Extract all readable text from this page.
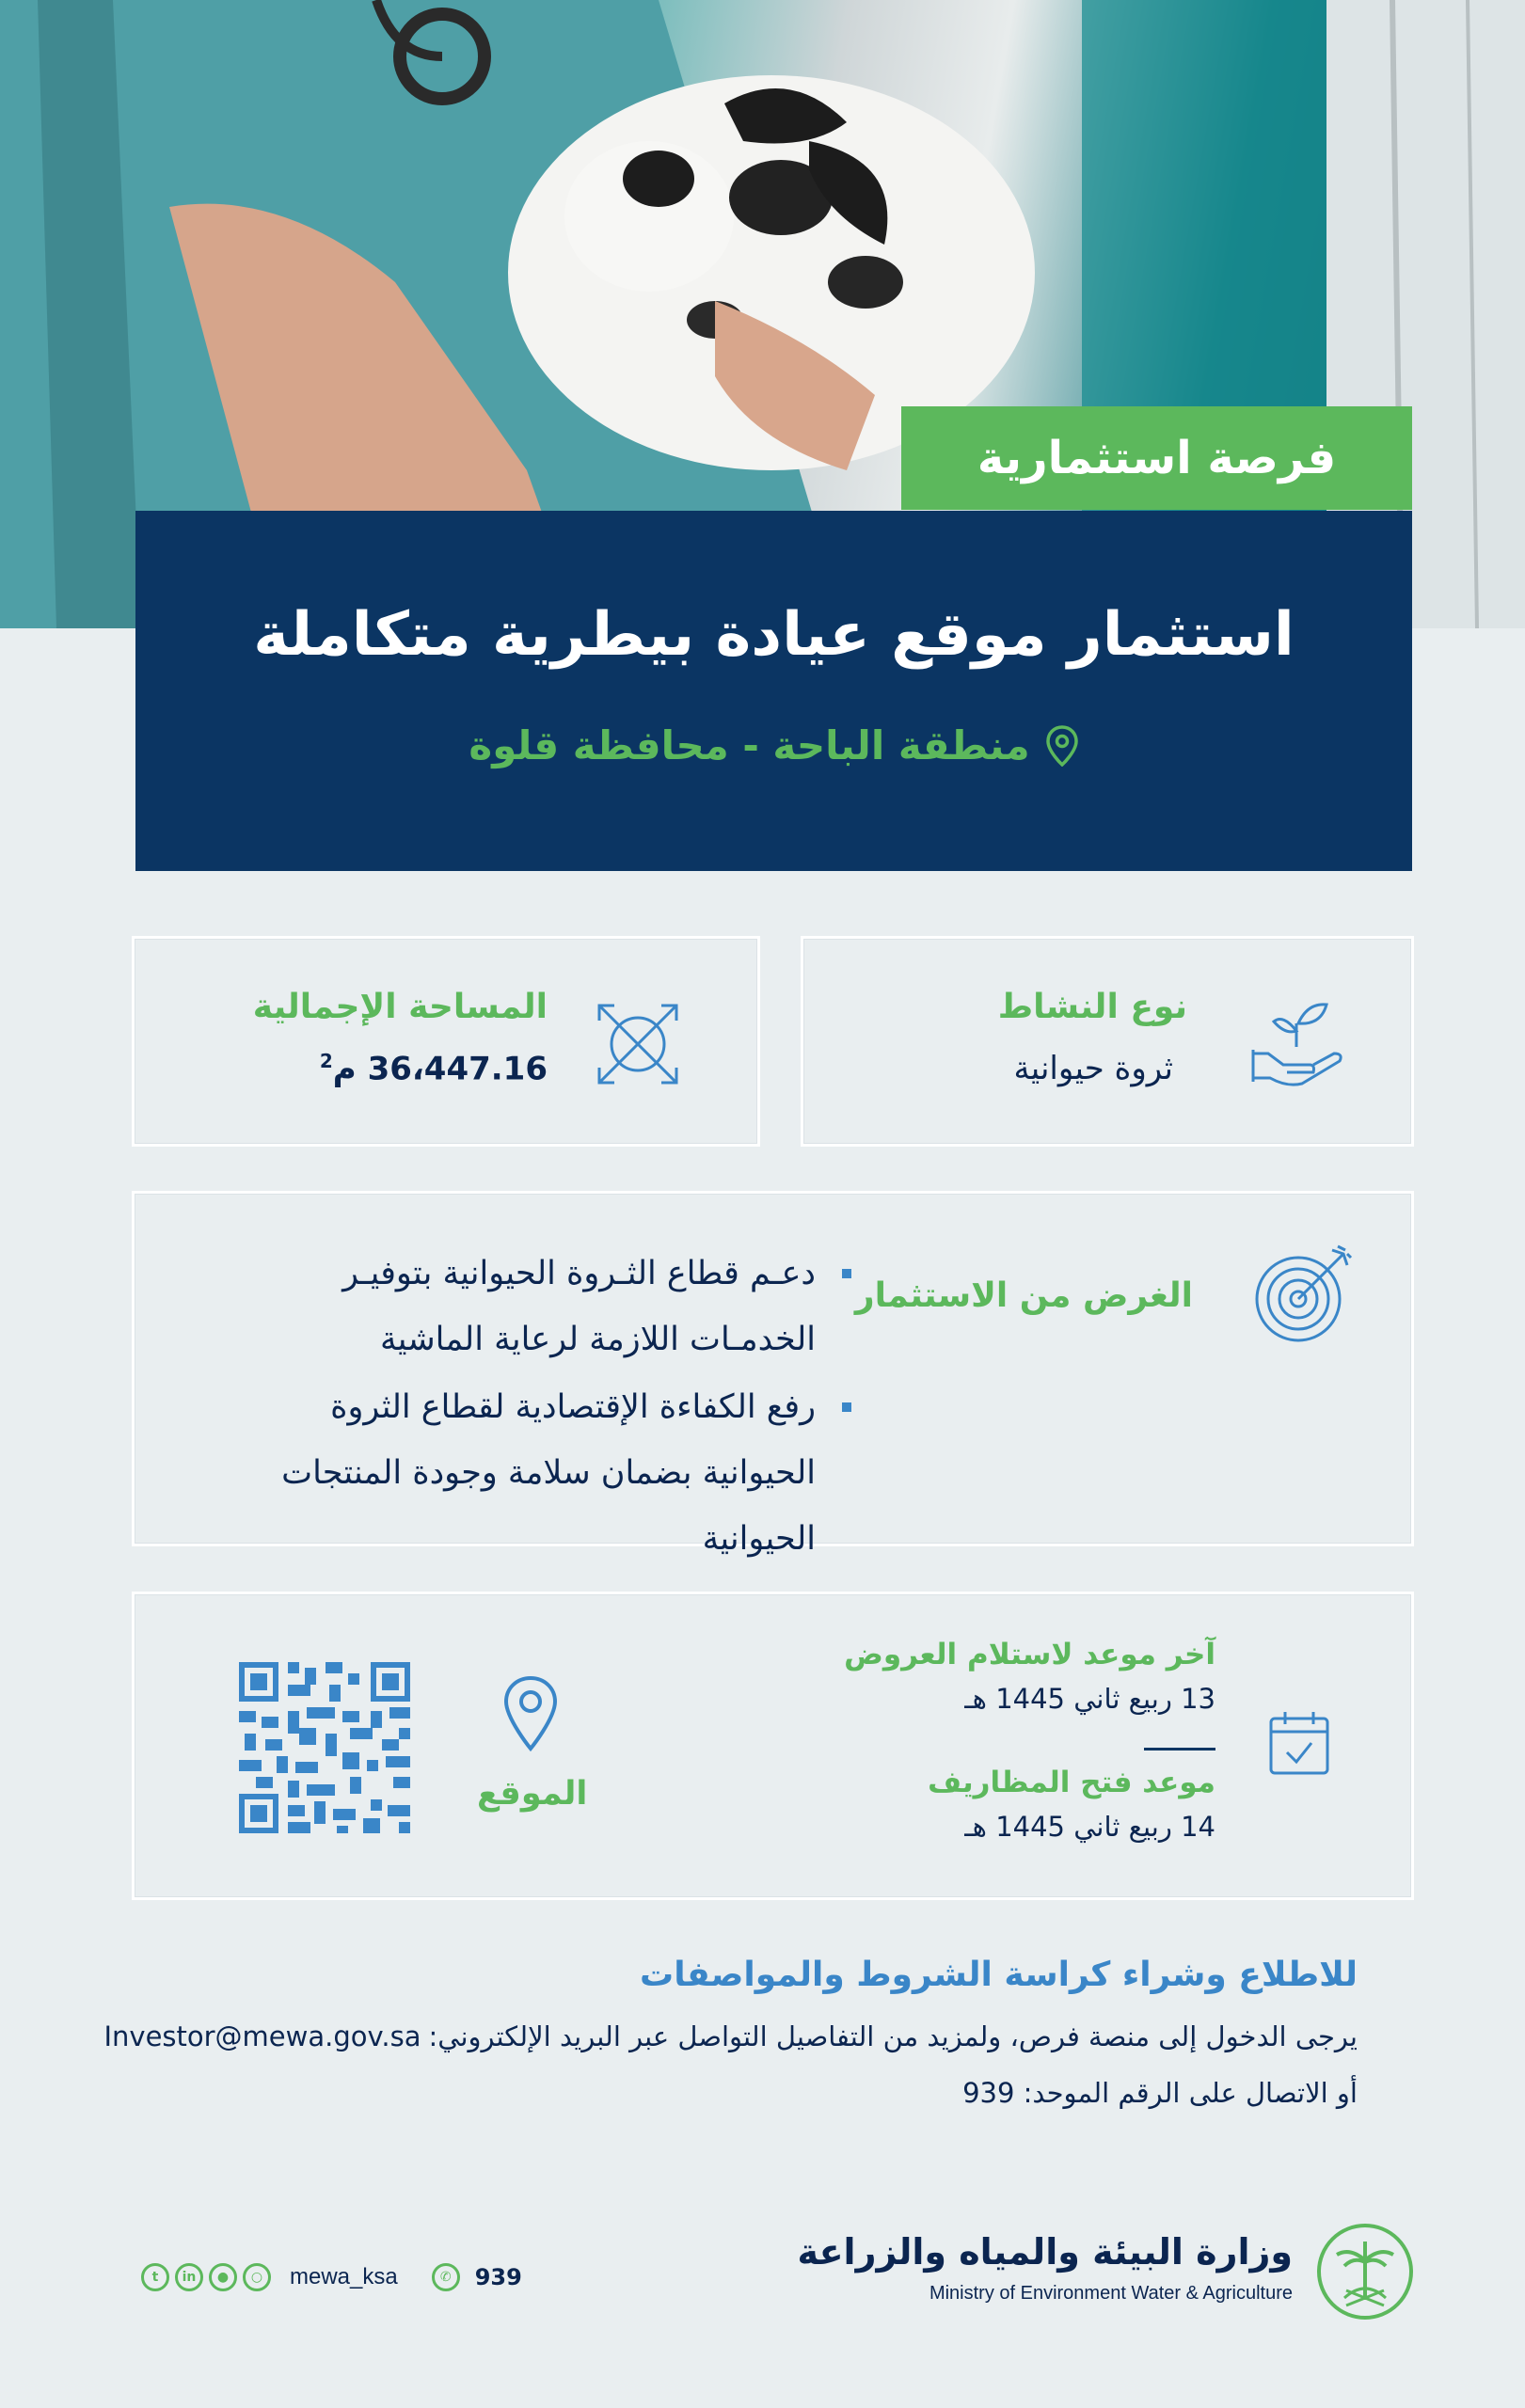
فرصة استثمارية
استثمار موقع عيادة بيطرية متكاملة
منطقة الباحة - محافظة قلوة
نوع النشاط
ثروة حيوانية
المساحة الإجمالية
36،447.16 م$^2$
الغرض من الاستثمار
دعـم قطاع الثـروة الحيوانية بتوفيـر الخدمـات اللازمة لرعاية الماشية
رفع الكفاءة الإقتصادية لقطاع الثروة الحيوانية بضمان سلامة وجودة المنتجات الحيوانية
آخر موعد لاستلام العروض
13 ربيع ثاني 1445 هـ
موعد فتح المظاريف
14 ربيع ثاني 1445 هـ
الموقع
للاطلاع وشراء كراسة الشروط والمواصفات
يرجى الدخول إلى منصة فرص، ولمزيد من التفاصيل التواصل عبر البريد الإلكتروني:
Investor@mewa.gov.sa
أو الاتصال على الرقم الموحد: 939
وزارة البيئة والمياه والزراعة
Ministry of Environment Water & Agriculture
t	in	●	○	mewa_ksa	✆	939
